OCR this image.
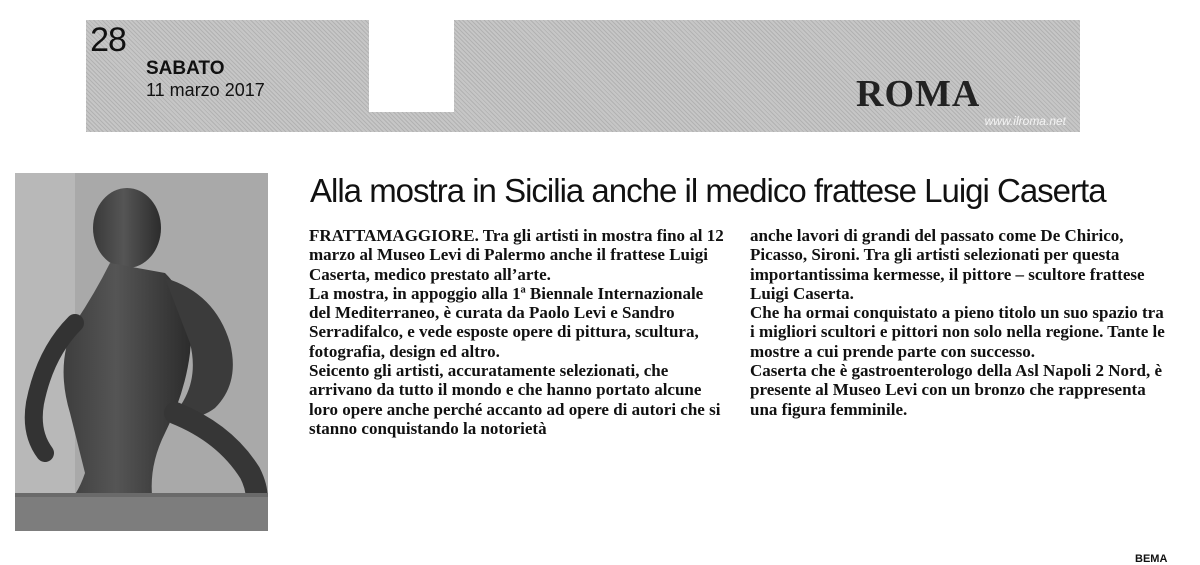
28
SABATO
11 marzo 2017	ROMA
www.ilroma.net
Alla mostra in Sicilia anche il medico frattese Luigi Caserta

FRATTAMAGGIORE. Tra gli artisti in mostra fino al 12 marzo al Museo Levi di Palermo anche il frattese Luigi Caserta, medico prestato all’arte.

La mostra, in appoggio alla 1ª Biennale Internazionale del Mediterraneo, è curata da Paolo Levi e Sandro Serradifalco, e vede esposte opere di pittura, scultura, fotografia, design ed altro.

Seicento gli artisti, accuratamente selezionati, che arrivano da tutto il mondo e che hanno portato alcune loro opere anche perché accanto ad opere di autori che si stanno conquistando la notorietà

anche lavori di grandi del passato come De Chirico, Picasso, Sironi. Tra gli artisti selezionati per questa importantissima kermesse, il pittore – scultore frattese Luigi Caserta.

Che ha ormai conquistato a pieno titolo un suo spazio tra i migliori scultori e pittori non solo nella regione. Tante le mostre a cui prende parte con successo.

Caserta che è gastroenterologo della Asl Napoli 2 Nord, è presente al Museo Levi con un bronzo che rappresenta una figura femminile.

BEMA
